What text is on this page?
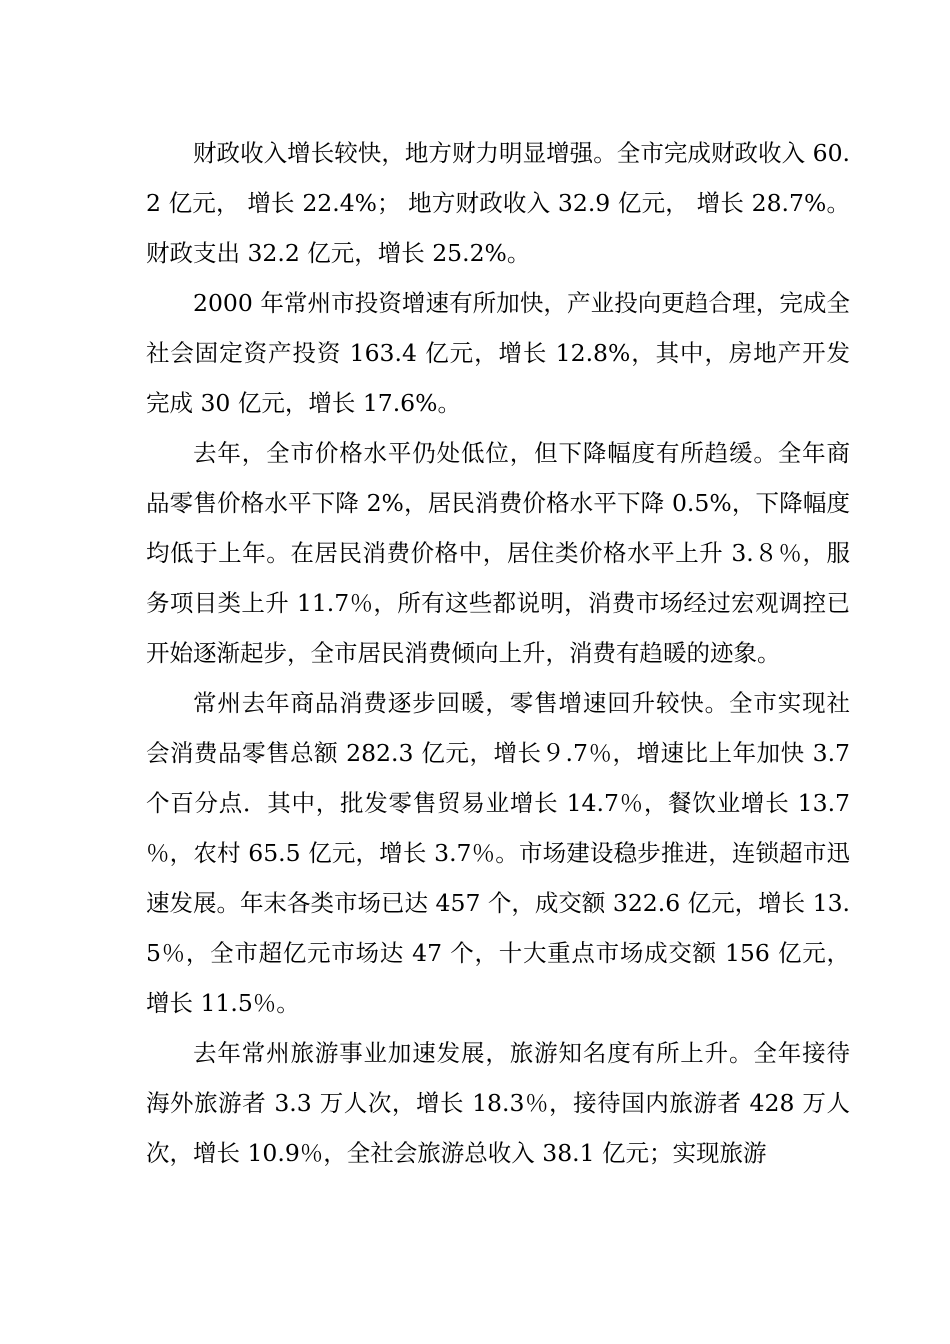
财政收入增长较快，地方财力明显增强。全市完成财政收入 60.2 亿元， 增长 22.4%； 地方财政收入 32.9 亿元， 增长 28.7%。财政支出 32.2 亿元，增长 25.2%。

2000 年常州市投资增速有所加快，产业投向更趋合理，完成全社会固定资产投资 163.4 亿元，增长 12.8%，其中，房地产开发完成 30 亿元，增长 17.6%。

去年，全市价格水平仍处低位，但下降幅度有所趋缓。全年商品零售价格水平下降 2%，居民消费价格水平下降 0.5%，下降幅度均低于上年。在居民消费价格中，居住类价格水平上升 3.８％，服务项目类上升 11.7％，所有这些都说明，消费市场经过宏观调控已开始逐渐起步，全市居民消费倾向上升，消费有趋暖的迹象。

常州去年商品消费逐步回暖，零售增速回升较快。全市实现社会消费品零售总额 282.3 亿元，增长９.7％，增速比上年加快 3.7 个百分点．其中，批发零售贸易业增长 14.7％，餐饮业增长 13.7％，农村 65.5 亿元，增长 3.7％。市场建设稳步推进，连锁超市迅速发展。年末各类市场已达 457 个，成交额 322.6 亿元，增长 13.5％，全市超亿元市场达 47 个，十大重点市场成交额 156 亿元，增长 11.5％。

去年常州旅游事业加速发展，旅游知名度有所上升。全年接待海外旅游者 3.3 万人次，增长 18.3％，接待国内旅游者 428 万人次，增长 10.9％，全社会旅游总收入 38.1 亿元；实现旅游
